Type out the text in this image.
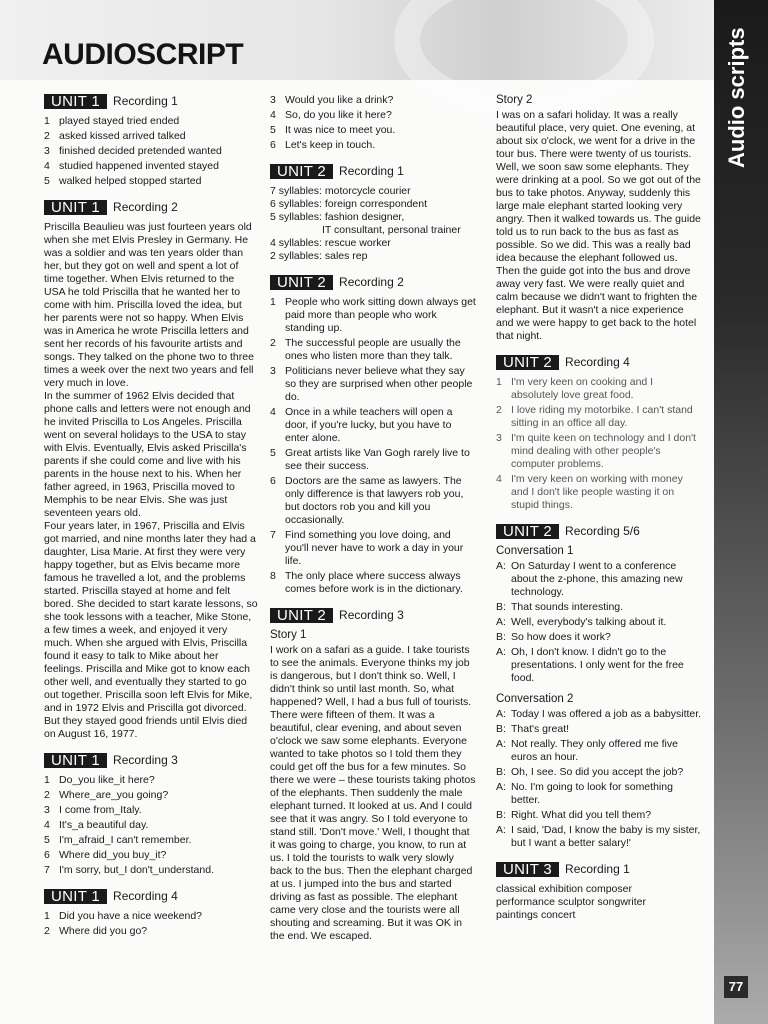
AUDIOSCRIPT	Audio scripts
77
UNIT 1	Recording 1
1 played stayed tried ended
2 asked kissed arrived talked
3 finished decided pretended wanted
4 studied happened invented stayed
5 walked helped stopped started
UNIT 1	Recording 2

Priscilla Beaulieu was just fourteen years old when she met Elvis Presley in Germany. He was a soldier and was ten years older than her, but they got on well and spent a lot of time together. When Elvis returned to the USA he told Priscilla that he wanted her to come with him. Priscilla loved the idea, but her parents were not so happy. When Elvis was in America he wrote Priscilla letters and sent her records of his favourite artists and songs. They talked on the phone two to three times a week over the next two years and fell very much in love.

In the summer of 1962 Elvis decided that phone calls and letters were not enough and he invited Priscilla to Los Angeles. Priscilla went on several holidays to the USA to stay with Elvis. Eventually, Elvis asked Priscilla's parents if she could come and live with his parents in the house next to his. When her father agreed, in 1963, Priscilla moved to Memphis to be near Elvis. She was just seventeen years old.

Four years later, in 1967, Priscilla and Elvis got married, and nine months later they had a daughter, Lisa Marie. At first they were very happy together, but as Elvis became more famous he travelled a lot, and the problems started. Priscilla stayed at home and felt bored. She decided to start karate lessons, so she took lessons with a teacher, Mike Stone, a few times a week, and enjoyed it very much. When she argued with Elvis, Priscilla found it easy to talk to Mike about her feelings. Priscilla and Mike got to know each other well, and eventually they started to go out together. Priscilla soon left Elvis for Mike, and in 1972 Elvis and Priscilla got divorced. But they stayed good friends until Elvis died on August 16, 1977.

UNIT 1	Recording 3
1 Do_you like_it here?
2 Where_are_you going?
3 I come from_Italy.
4 It's_a beautiful day.
5 I'm_afraid_I can't remember.
6 Where did_you buy_it?
7 I'm sorry, but_I don't_understand.
UNIT 1	Recording 4
1 Did you have a nice weekend?
2 Where did you go?
3 Would you like a drink?
4 So, do you like it here?
5 It was nice to meet you.
6 Let's keep in touch.
UNIT 2	Recording 1
7 syllables: motorcycle courier
6 syllables: foreign correspondent
5 syllables: fashion designer,
IT consultant, personal trainer
4 syllables: rescue worker
2 syllables: sales rep
UNIT 2	Recording 2
1 People who work sitting down always get paid more than people who work standing up.
2 The successful people are usually the ones who listen more than they talk.
3 Politicians never believe what they say so they are surprised when other people do.
4 Once in a while teachers will open a door, if you're lucky, but you have to enter alone.
5 Great artists like Van Gogh rarely live to see their success.
6 Doctors are the same as lawyers. The only difference is that lawyers rob you, but doctors rob you and kill you occasionally.
7 Find something you love doing, and you'll never have to work a day in your life.
8 The only place where success always comes before work is in the dictionary.
UNIT 2	Recording 3
Story 1

I work on a safari as a guide. I take tourists to see the animals. Everyone thinks my job is dangerous, but I don't think so. Well, I didn't think so until last month. So, what happened? Well, I had a bus full of tourists. There were fifteen of them. It was a beautiful, clear evening, and about seven o'clock we saw some elephants. Everyone wanted to take photos so I told them they could get off the bus for a few minutes. So there we were – these tourists taking photos of the elephants. Then suddenly the male elephant turned. It looked at us. And I could see that it was angry. So I told everyone to stand still. 'Don't move.' Well, I thought that it was going to charge, you know, to run at us. I told the tourists to walk very slowly back to the bus. Then the elephant charged at us. I jumped into the bus and started driving as fast as possible. The elephant came very close and the tourists were all shouting and screaming. But it was OK in the end. We escaped.

Story 2

I was on a safari holiday. It was a really beautiful place, very quiet. One evening, at about six o'clock, we went for a drive in the tour bus. There were twenty of us tourists. Well, we soon saw some elephants. They were drinking at a pool. So we got out of the bus to take photos. Anyway, suddenly this large male elephant started looking very angry. Then it walked towards us. The guide told us to run back to the bus as fast as possible. So we did. This was a really bad idea because the elephant followed us. Then the guide got into the bus and drove away very fast. We were really quiet and calm because we didn't want to frighten the elephant. But it wasn't a nice experience and we were happy to get back to the hotel that night.

UNIT 2	Recording 4
1 I'm very keen on cooking and I absolutely love great food.
2 I love riding my motorbike. I can't stand sitting in an office all day.
3 I'm quite keen on technology and I don't mind dealing with other people's computer problems.
4 I'm very keen on working with money and I don't like people wasting it on stupid things.
UNIT 2	Recording 5/6
Conversation 1
A: On Saturday I went to a conference about the z-phone, this amazing new technology.
B: That sounds interesting.
A: Well, everybody's talking about it.
B: So how does it work?
A: Oh, I don't know. I didn't go to the presentations. I only went for the free food.
Conversation 2
A: Today I was offered a job as a babysitter.
B: That's great!
A: Not really. They only offered me five euros an hour.
B: Oh, I see. So did you accept the job?
A: No. I'm going to look for something better.
B: Right. What did you tell them?
A: I said, 'Dad, I know the baby is my sister, but I want a better salary!'
UNIT 3	Recording 1
classical exhibition composer
performance sculptor songwriter
paintings concert
